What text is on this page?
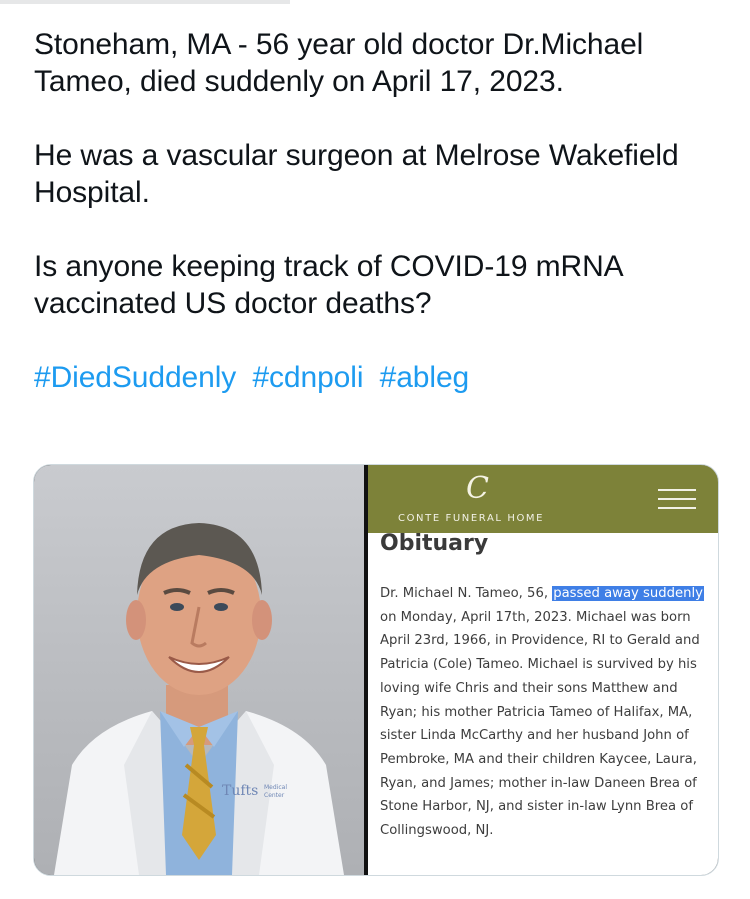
Stoneham, MA - 56 year old doctor Dr.Michael Tameo, died suddenly on April 17, 2023.

He was a vascular surgeon at Melrose Wakefield Hospital.

Is anyone keeping track of COVID-19 mRNA vaccinated US doctor deaths?

#DiedSuddenly #cdnpoli #ableg
Tufts Medical
Center
C
CONTE FUNERAL HOME
Obituary
Dr. Michael N. Tameo, 56, passed away suddenly on Monday, April 17th, 2023. Michael was born April 23rd, 1966, in Providence, RI to Gerald and Patricia (Cole) Tameo. Michael is survived by his loving wife Chris and their sons Matthew and Ryan; his mother Patricia Tameo of Halifax, MA, sister Linda McCarthy and her husband John of Pembroke, MA and their children Kaycee, Laura, Ryan, and James; mother in-law Daneen Brea of Stone Harbor, NJ, and sister in-law Lynn Brea of Collingswood, NJ.
